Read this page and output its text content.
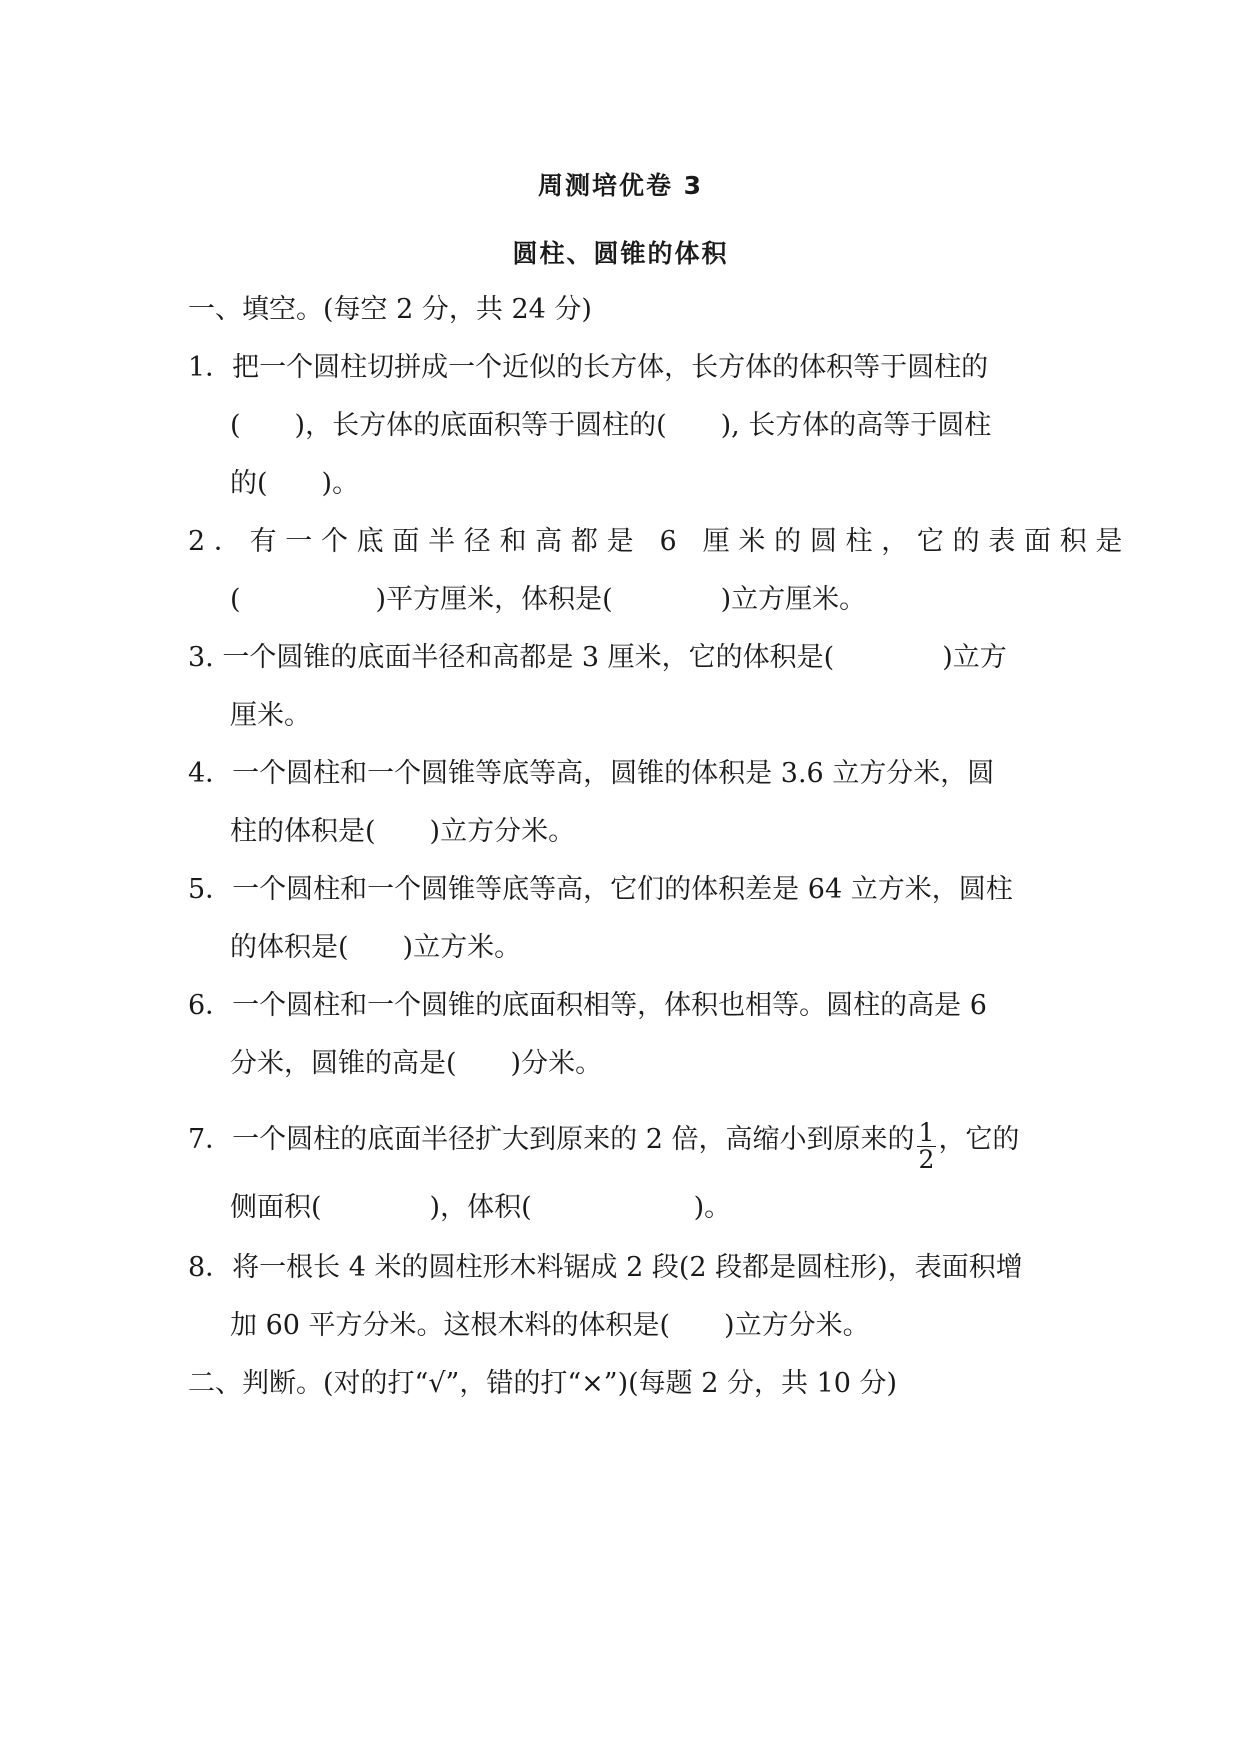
周测培优卷 3
圆柱、圆锥的体积
一、填空。(每空 2 分，共 24 分)
1．把一个圆柱切拼成一个近似的长方体，长方体的体积等于圆柱的
(　　)，长方体的底面积等于圆柱的(　　), 长方体的高等于圆柱
的(　　)。
2．有一个底面半径和高都是 6 厘米的圆柱，它的表面积是
(　　　　　)平方厘米，体积是(　　　　)立方厘米。
3. 一个圆锥的底面半径和高都是 3 厘米，它的体积是(　　　　)立方
厘米。
4．一个圆柱和一个圆锥等底等高，圆锥的体积是 3.6 立方分米，圆
柱的体积是(　　)立方分米。
5．一个圆柱和一个圆锥等底等高，它们的体积差是 64 立方米，圆柱
的体积是(　　)立方米。
6．一个圆柱和一个圆锥的底面积相等，体积也相等。圆柱的高是 6
分米，圆锥的高是(　　)分米。
7．一个圆柱的底面半径扩大到原来的 2 倍，高缩小到原来的 $\frac{1}{2}$ ，它的
侧面积(　　　　)，体积(　　　　　　)。
8．将一根长 4 米的圆柱形木料锯成 2 段(2 段都是圆柱形)，表面积增
加 60 平方分米。这根木料的体积是(　　)立方分米。
二、判断。(对的打“√”，错的打“×”)(每题 2 分，共 10 分)
